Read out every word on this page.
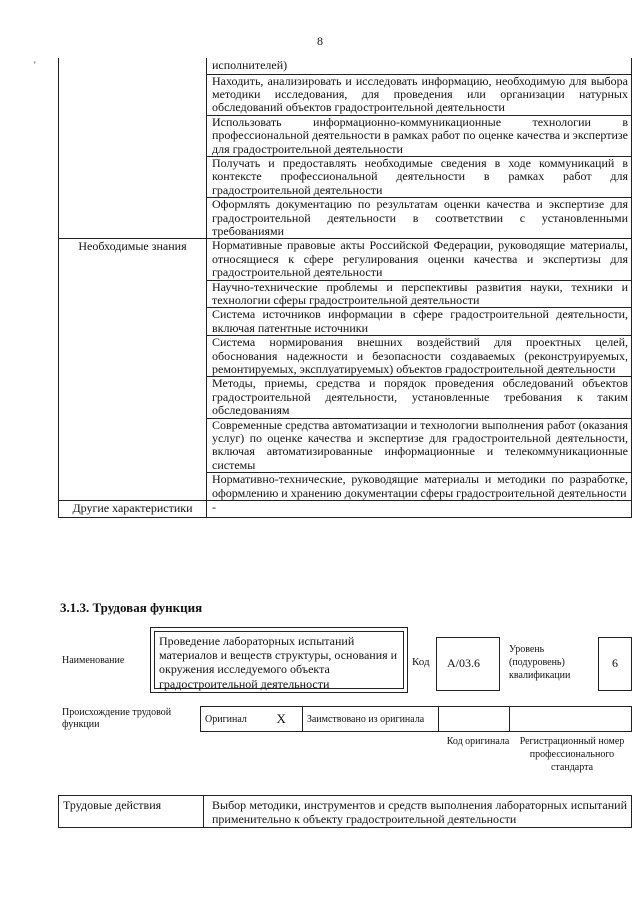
8
'
		исполнителей)
	Находить, анализировать и исследовать информацию, необходимую для выбора методики исследования, для проведения или организации натурных обследований объектов градостроительной деятельности
	Использовать информационно-коммуникационные технологии в профессиональной деятельности в рамках работ по оценке качества и экспертизе для градостроительной деятельности
	Получать и предоставлять необходимые сведения в ходе коммуникаций в контексте профессиональной деятельности в рамках работ для градостроительной деятельности
	Оформлять документацию по результатам оценки качества и экспертизе для градостроительной деятельности в соответствии с установленными требованиями
Необходимые знания	Нормативные правовые акты Российской Федерации, руководящие материалы, относящиеся к сфере регулирования оценки качества и экспертизы для градостроительной деятельности
	Научно-технические проблемы и перспективы развития науки, техники и технологии сферы градостроительной деятельности
	Система источников информации в сфере градостроительной деятельности, включая патентные источники
	Система нормирования внешних воздействий для проектных целей, обоснования надежности и безопасности создаваемых (реконструируемых, ремонтируемых, эксплуатируемых) объектов градостроительной деятельности
	Методы, приемы, средства и порядок проведения обследований объектов градостроительной деятельности, установленные требования к таким обследованиям
	Современные средства автоматизации и технологии выполнения работ (оказания услуг) по оценке качества и экспертизе для градостроительной деятельности, включая автоматизированные информационные и телекоммуникационные системы
	Нормативно-технические, руководящие материалы и методики по разработке, оформлению и хранению документации сферы градостроительной деятельности
Другие характеристики	-
3.1.3. Трудовая функция
Наименование
Проведение лабораторных испытаний материалов и веществ структуры, основания и окружения исследуемого объекта градостроительной деятельности
Код	А/03.6
Уровень (подуровень) квалификации
6
Происхождение трудовой функции	Оригинал	X	Заимствовано из оригинала		
Код оригинала	Регистрационный номер профессионального стандарта
Трудовые действия	Выбор методики, инструментов и средств выполнения лабораторных испытаний применительно к объекту градостроительной деятельности
